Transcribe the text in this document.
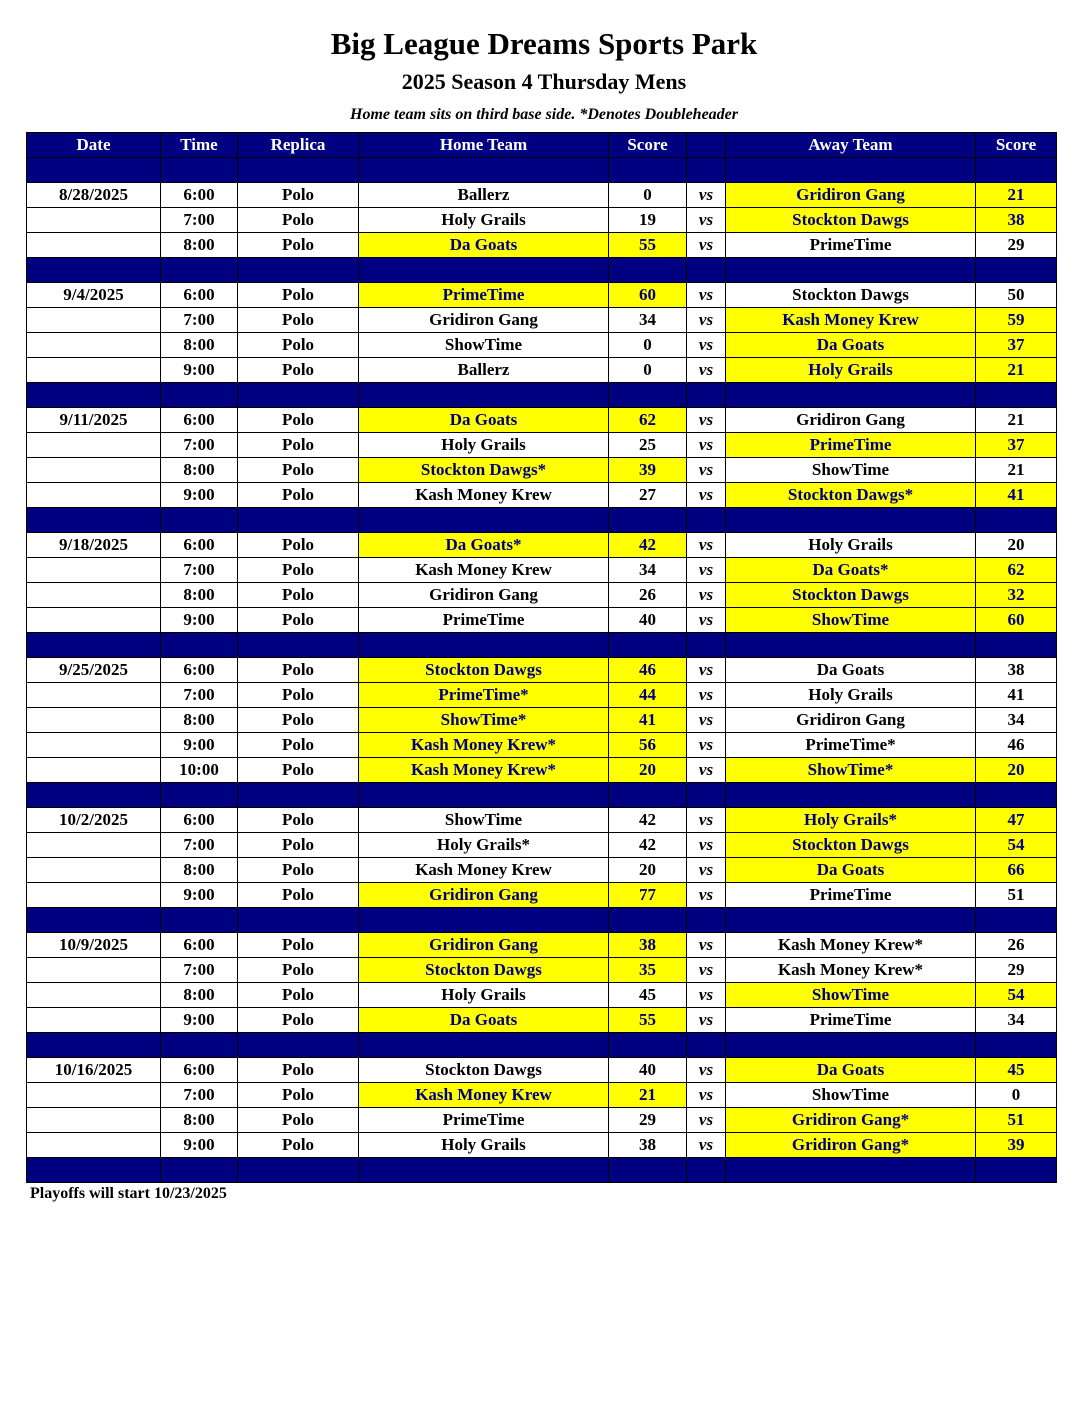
Big League Dreams Sports Park
2025 Season 4 Thursday Mens
Home team sits on third base side. *Denotes Doubleheader
Date	Time	Replica	Home Team	Score		Away Team	Score

8/28/2025	6:00	Polo	Ballerz	0	vs	Gridiron Gang	21
	7:00	Polo	Holy Grails	19	vs	Stockton Dawgs	38
	8:00	Polo	Da Goats	55	vs	PrimeTime	29

9/4/2025	6:00	Polo	PrimeTime	60	vs	Stockton Dawgs	50
	7:00	Polo	Gridiron Gang	34	vs	Kash Money Krew	59
	8:00	Polo	ShowTime	0	vs	Da Goats	37
	9:00	Polo	Ballerz	0	vs	Holy Grails	21

9/11/2025	6:00	Polo	Da Goats	62	vs	Gridiron Gang	21
	7:00	Polo	Holy Grails	25	vs	PrimeTime	37
	8:00	Polo	Stockton Dawgs*	39	vs	ShowTime	21
	9:00	Polo	Kash Money Krew	27	vs	Stockton Dawgs*	41

9/18/2025	6:00	Polo	Da Goats*	42	vs	Holy Grails	20
	7:00	Polo	Kash Money Krew	34	vs	Da Goats*	62
	8:00	Polo	Gridiron Gang	26	vs	Stockton Dawgs	32
	9:00	Polo	PrimeTime	40	vs	ShowTime	60

9/25/2025	6:00	Polo	Stockton Dawgs	46	vs	Da Goats	38
	7:00	Polo	PrimeTime*	44	vs	Holy Grails	41
	8:00	Polo	ShowTime*	41	vs	Gridiron Gang	34
	9:00	Polo	Kash Money Krew*	56	vs	PrimeTime*	46
	10:00	Polo	Kash Money Krew*	20	vs	ShowTime*	20

10/2/2025	6:00	Polo	ShowTime	42	vs	Holy Grails*	47
	7:00	Polo	Holy Grails*	42	vs	Stockton Dawgs	54
	8:00	Polo	Kash Money Krew	20	vs	Da Goats	66
	9:00	Polo	Gridiron Gang	77	vs	PrimeTime	51

10/9/2025	6:00	Polo	Gridiron Gang	38	vs	Kash Money Krew*	26
	7:00	Polo	Stockton Dawgs	35	vs	Kash Money Krew*	29
	8:00	Polo	Holy Grails	45	vs	ShowTime	54
	9:00	Polo	Da Goats	55	vs	PrimeTime	34

10/16/2025	6:00	Polo	Stockton Dawgs	40	vs	Da Goats	45
	7:00	Polo	Kash Money Krew	21	vs	ShowTime	0
	8:00	Polo	PrimeTime	29	vs	Gridiron Gang*	51
	9:00	Polo	Holy Grails	38	vs	Gridiron Gang*	39

Playoffs will start 10/23/2025
